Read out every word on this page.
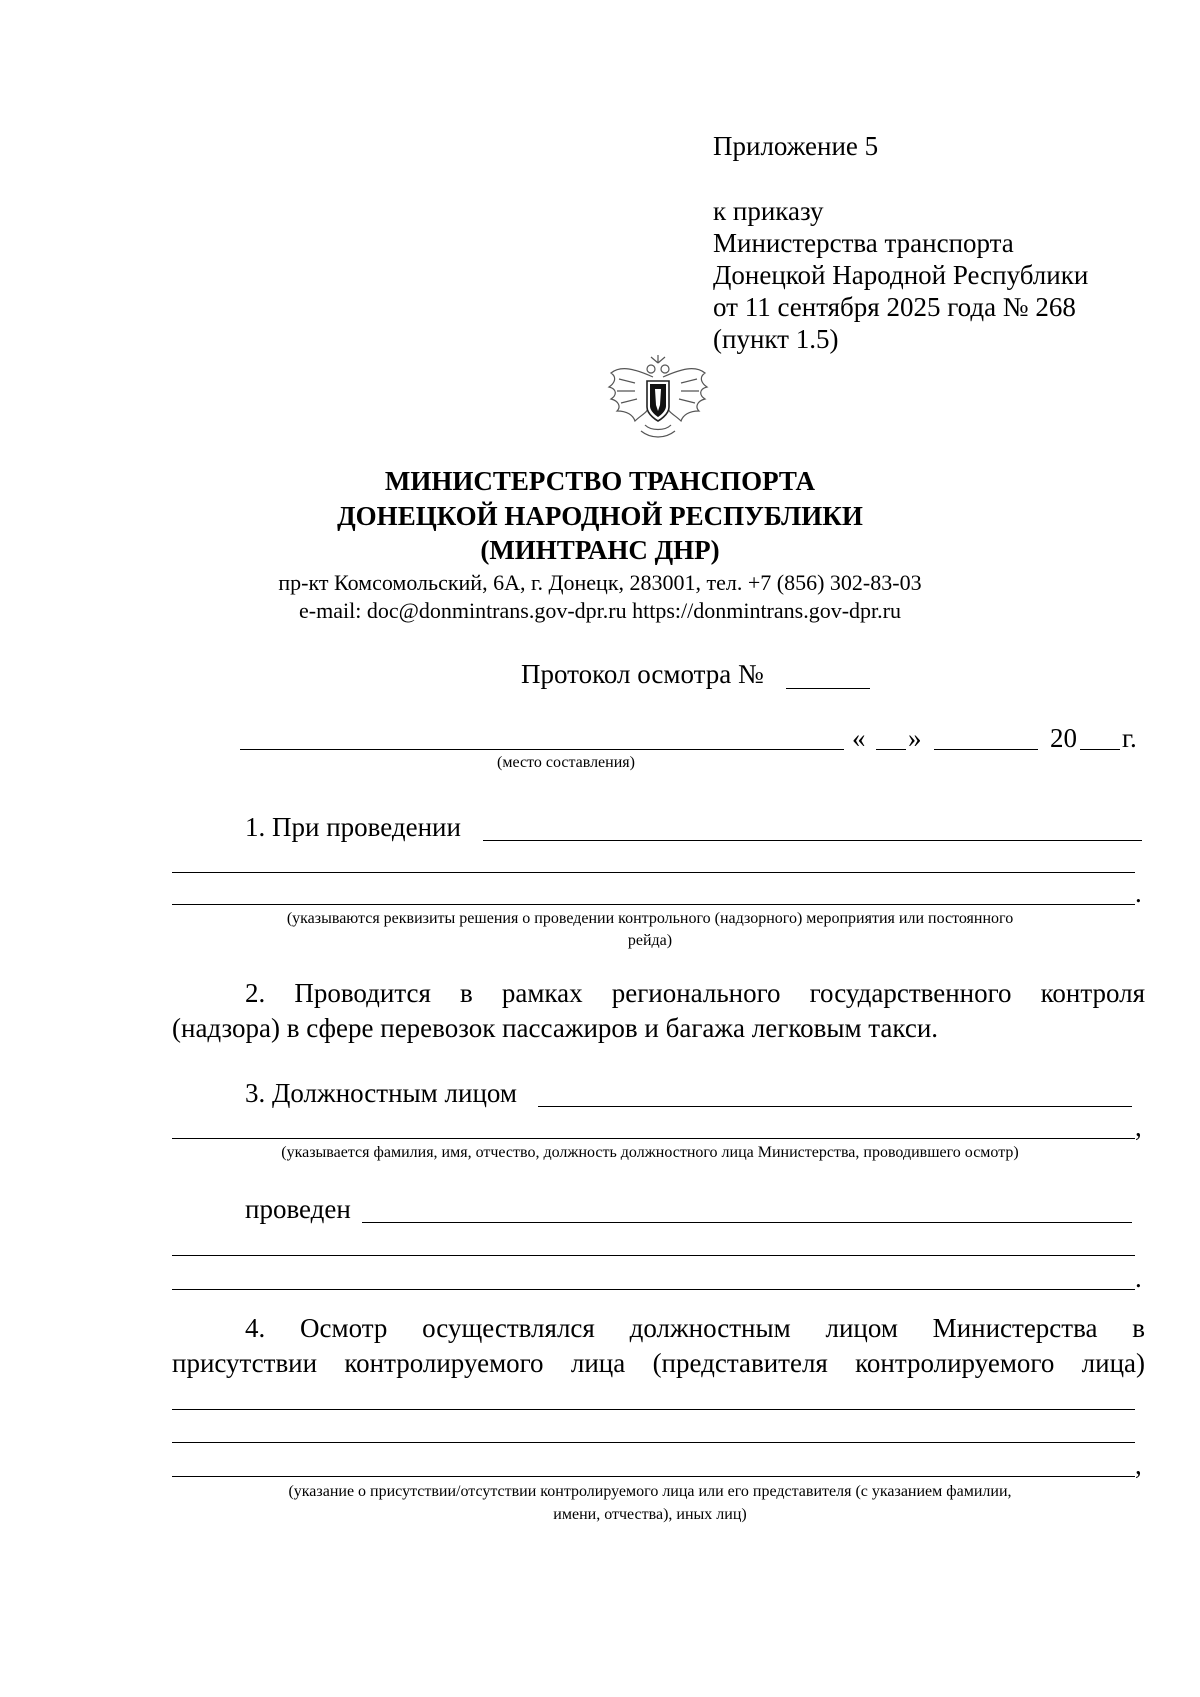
Приложение 5
к приказу
Министерства транспорта
Донецкой Народной Республики
от 11 сентября 2025 года № 268
(пункт 1.5)
МИНИСТЕРСТВО ТРАНСПОРТА
ДОНЕЦКОЙ НАРОДНОЙ РЕСПУБЛИКИ
(МИНТРАНС ДНР)
пр-кт Комсомольский, 6А, г. Донецк, 283001, тел. +7 (856) 302-83-03
e-mail: doc@donmintrans.gov-dpr.ru https://donmintrans.gov-dpr.ru
Протокол осмотра №
« »	20 г.
(место составления)
1. При проведении
.
(указываются реквизиты решения о проведении контрольного (надзорного) мероприятия или постоянного
рейда)
2. Проводится в рамках регионального государственного контроля
(надзора) в сфере перевозок пассажиров и багажа легковым такси.
3. Должностным лицом
,
(указывается фамилия, имя, отчество, должность должностного лица Министерства, проводившего осмотр)
проведен
.
4. Осмотр осуществлялся должностным лицом Министерства в
присутствии контролируемого лица (представителя контролируемого лица)
,
(указание о присутствии/отсутствии контролируемого лица или его представителя (с указанием фамилии,
имени, отчества), иных лиц)
